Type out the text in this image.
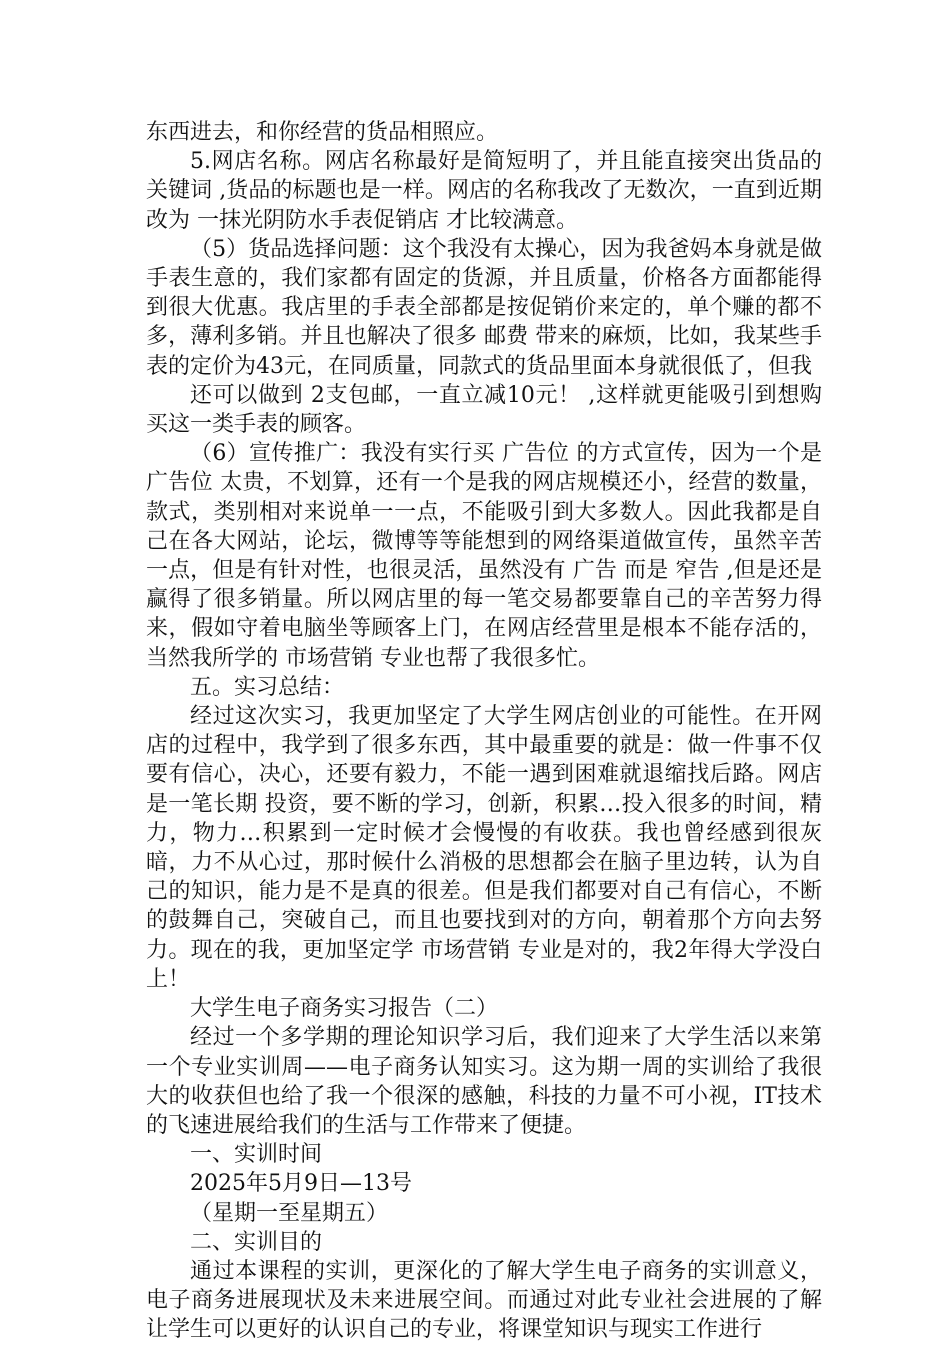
东西进去，和你经营的货品相照应。

5.网店名称。网店名称最好是简短明了，并且能直接突出货品的 关键词 ,货品的标题也是一样。网店的名称我改了无数次，一直到近期改为 一抹光阴防水手表促销店 才比较满意。

（5）货品选择问题：这个我没有太操心，因为我爸妈本身就是做手表生意的，我们家都有固定的货源，并且质量，价格各方面都能得到很大优惠。我店里的手表全部都是按促销价来定的，单个赚的都不多，薄利多销。并且也解决了很多 邮费 带来的麻烦，比如，我某些手表的定价为43元，在同质量，同款式的货品里面本身就很低了，但我

还可以做到 2支包邮，一直立减10元！ ,这样就更能吸引到想购买这一类手表的顾客。

（6）宣传推广：我没有实行买 广告位 的方式宣传，因为一个是 广告位 太贵，不划算，还有一个是我的网店规模还小，经营的数量，款式，类别相对来说单一一点，不能吸引到大多数人。因此我都是自己在各大网站，论坛，微博等等能想到的网络渠道做宣传，虽然辛苦一点，但是有针对性，也很灵活，虽然没有 广告 而是 窄告 ,但是还是赢得了很多销量。所以网店里的每一笔交易都要靠自己的辛苦努力得来，假如守着电脑坐等顾客上门，在网店经营里是根本不能存活的，当然我所学的 市场营销 专业也帮了我很多忙。

五。实习总结：

经过这次实习，我更加坚定了大学生网店创业的可能性。在开网店的过程中，我学到了很多东西，其中最重要的就是：做一件事不仅要有信心，决心，还要有毅力，不能一遇到困难就退缩找后路。网店是一笔长期 投资，要不断的学习，创新，积累…投入很多的时间，精力，物力…积累到一定时候才会慢慢的有收获。我也曾经感到很灰暗，力不从心过，那时候什么消极的思想都会在脑子里边转，认为自己的知识，能力是不是真的很差。但是我们都要对自己有信心，不断的鼓舞自己，突破自己，而且也要找到对的方向，朝着那个方向去努力。现在的我，更加坚定学 市场营销 专业是对的，我2年得大学没白上！

大学生电子商务实习报告（二）

经过一个多学期的理论知识学习后，我们迎来了大学生活以来第一个专业实训周——电子商务认知实习。这为期一周的实训给了我很大的收获但也给了我一个很深的感触，科技的力量不可小视，IT技术的飞速进展给我们的生活与工作带来了便捷。

一、实训时间

2025年5月9日—13号

（星期一至星期五）

二、实训目的

通过本课程的实训，更深化的了解大学生电子商务的实训意义，电子商务进展现状及未来进展空间。而通过对此专业社会进展的了解让学生可以更好的认识自己的专业，将课堂知识与现实工作进行
